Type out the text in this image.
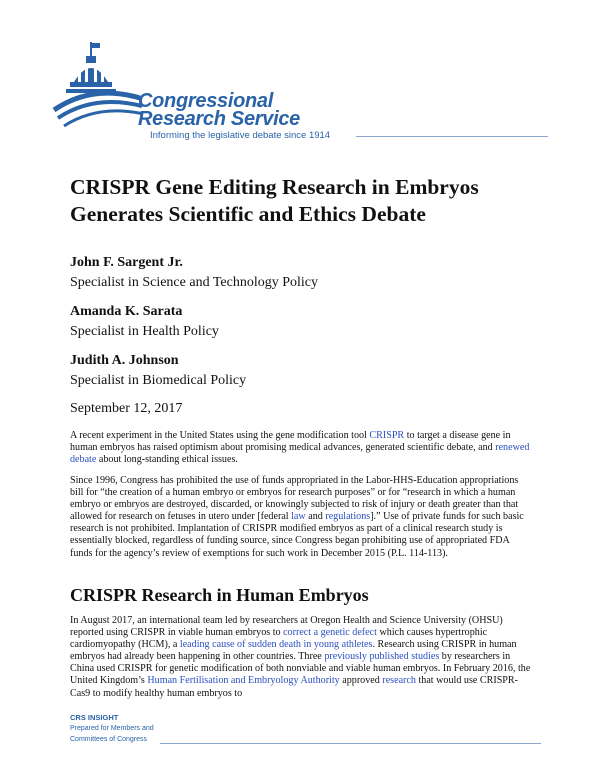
Congressional
Research Service
Informing the legislative debate since 1914
CRISPR Gene Editing Research in Embryos
Generates Scientific and Ethics Debate
John F. Sargent Jr.
Specialist in Science and Technology Policy
Amanda K. Sarata
Specialist in Health Policy
Judith A. Johnson
Specialist in Biomedical Policy
September 12, 2017

A recent experiment in the United States using the gene modification tool CRISPR to target a disease gene in human embryos has raised optimism about promising medical advances, generated scientific debate, and renewed debate about long-standing ethical issues.

Since 1996, Congress has prohibited the use of funds appropriated in the Labor-HHS-Education appropriations bill for “the creation of a human embryo or embryos for research purposes” or for “research in which a human embryo or embryos are destroyed, discarded, or knowingly subjected to risk of injury or death greater than that allowed for research on fetuses in utero under [federal law and regulations].” Use of private funds for such basic research is not prohibited. Implantation of CRISPR modified embryos as part of a clinical research study is essentially blocked, regardless of funding source, since Congress began prohibiting use of appropriated FDA funds for the agency’s review of exemptions for such work in December 2015 (P.L. 114-113).

CRISPR Research in Human Embryos

In August 2017, an international team led by researchers at Oregon Health and Science University (OHSU) reported using CRISPR in viable human embryos to correct a genetic defect which causes hypertrophic cardiomyopathy (HCM), a leading cause of sudden death in young athletes. Research using CRISPR in human embryos had already been happening in other countries. Three previously published studies by researchers in China used CRISPR for genetic modification of both nonviable and viable human embryos. In February 2016, the United Kingdom’s Human Fertilisation and Embryology Authority approved research that would use CRISPR-Cas9 to modify healthy human embryos to

CRS INSIGHT
Prepared for Members and
Committees of Congress
